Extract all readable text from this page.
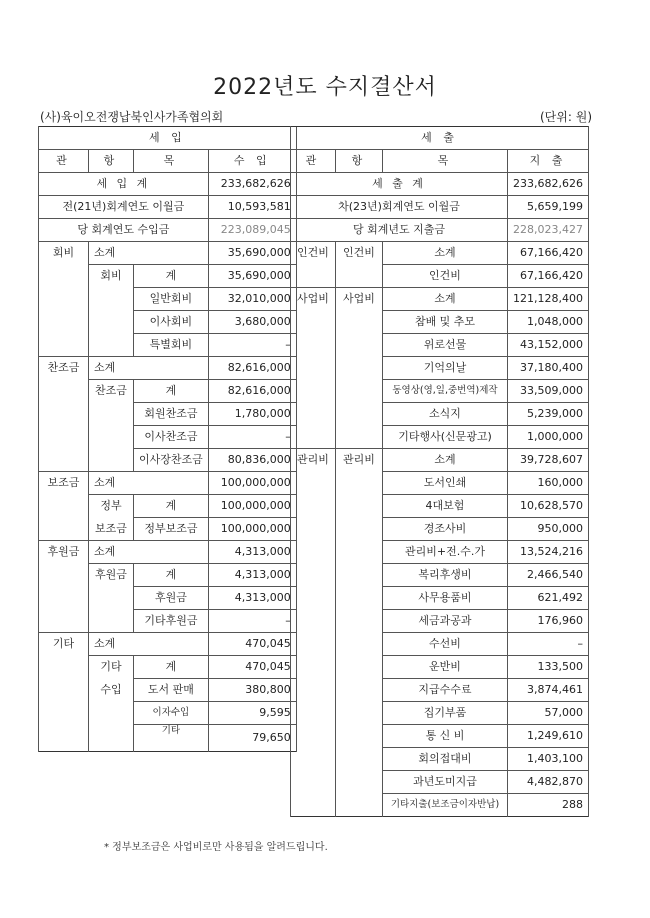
2022년도 수지결산서
(사)육이오전쟁납북인사가족협의회	(단위: 원)
세 입			
관	항	목	수 입
세 입 계			233,682,626
전(21년)회계연도 이월금			10,593,581
당 회계연도 수입금			223,089,045
회비	소계		35,690,000
	회비	계	35,690,000
		일반회비	32,010,000
		이사회비	3,680,000
		특별회비	–
찬조금	소계		82,616,000
	찬조금	계	82,616,000
		회원찬조금	1,780,000
		이사찬조금	–
		이사장찬조금	80,836,000
보조금	소계		100,000,000
	정부	계	100,000,000
	보조금	정부보조금	100,000,000
후원금	소계		4,313,000
	후원금	계	4,313,000
		후원금	4,313,000
		기타후원금	–
기타	소계		470,045
	기타	계	470,045
	수입	도서 판매	380,800
		이자수입	9,595
		기타	79,650
세 출			
관	항	목	지 출
세 출 계			233,682,626
차(23년)회계연도 이월금			5,659,199
당 회계년도 지출금			228,023,427
인건비	인건비	소계	67,166,420
		인건비	67,166,420
사업비	사업비	소계	121,128,400
		참배 및 추모	1,048,000
		위로선물	43,152,000
		기억의날	37,180,400
		동영상(영,일,중번역)제작	33,509,000
		소식지	5,239,000
		기타행사(신문광고)	1,000,000
관리비	관리비	소계	39,728,607
		도서인쇄	160,000
		4대보험	10,628,570
		경조사비	950,000
		관리비+전.수.가	13,524,216
		복리후생비	2,466,540
		사무용품비	621,492
		세금과공과	176,960
		수선비	–
		운반비	133,500
		지급수수료	3,874,461
		집기부품	57,000
		통 신 비	1,249,610
		회의접대비	1,403,100
		과년도미지급	4,482,870
		기타지출(보조금이자반납)	288
* 정부보조금은 사업비로만 사용됨을 알려드립니다.
